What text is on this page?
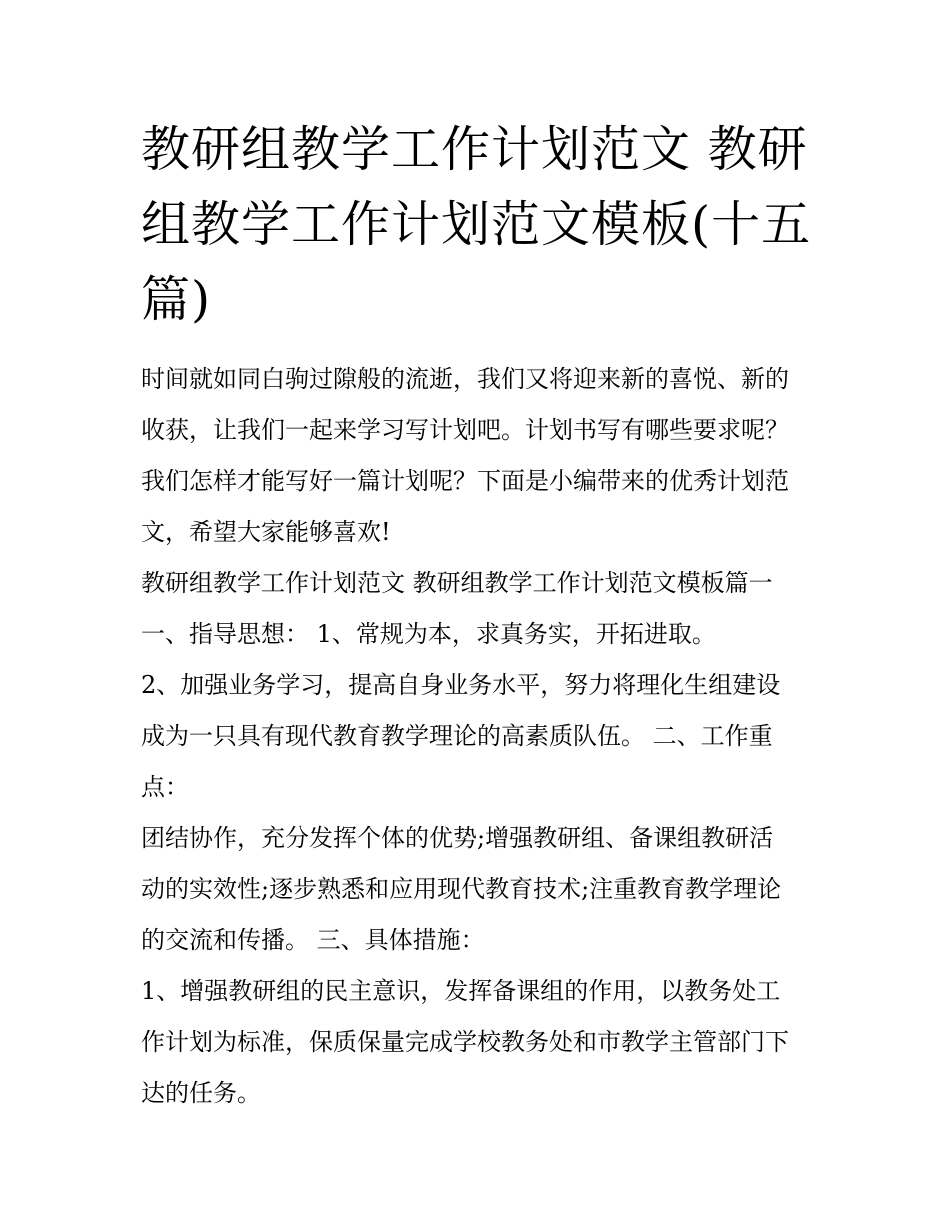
教研组教学工作计划范文 教研
组教学工作计划范文模板(十五
篇)

时间就如同白驹过隙般的流逝，我们又将迎来新的喜悦、新的
收获，让我们一起来学习写计划吧。计划书写有哪些要求呢？
我们怎样才能写好一篇计划呢？下面是小编带来的优秀计划范
文，希望大家能够喜欢!

教研组教学工作计划范文 教研组教学工作计划范文模板篇一

一、指导思想： 1、常规为本，求真务实，开拓进取。

2、加强业务学习，提高自身业务水平，努力将理化生组建设
成为一只具有现代教育教学理论的高素质队伍。 二、工作重
点：

团结协作，充分发挥个体的优势;增强教研组、备课组教研活
动的实效性;逐步熟悉和应用现代教育技术;注重教育教学理论
的交流和传播。 三、具体措施：

1、增强教研组的民主意识，发挥备课组的作用，以教务处工
作计划为标准，保质保量完成学校教务处和市教学主管部门下
达的任务。
